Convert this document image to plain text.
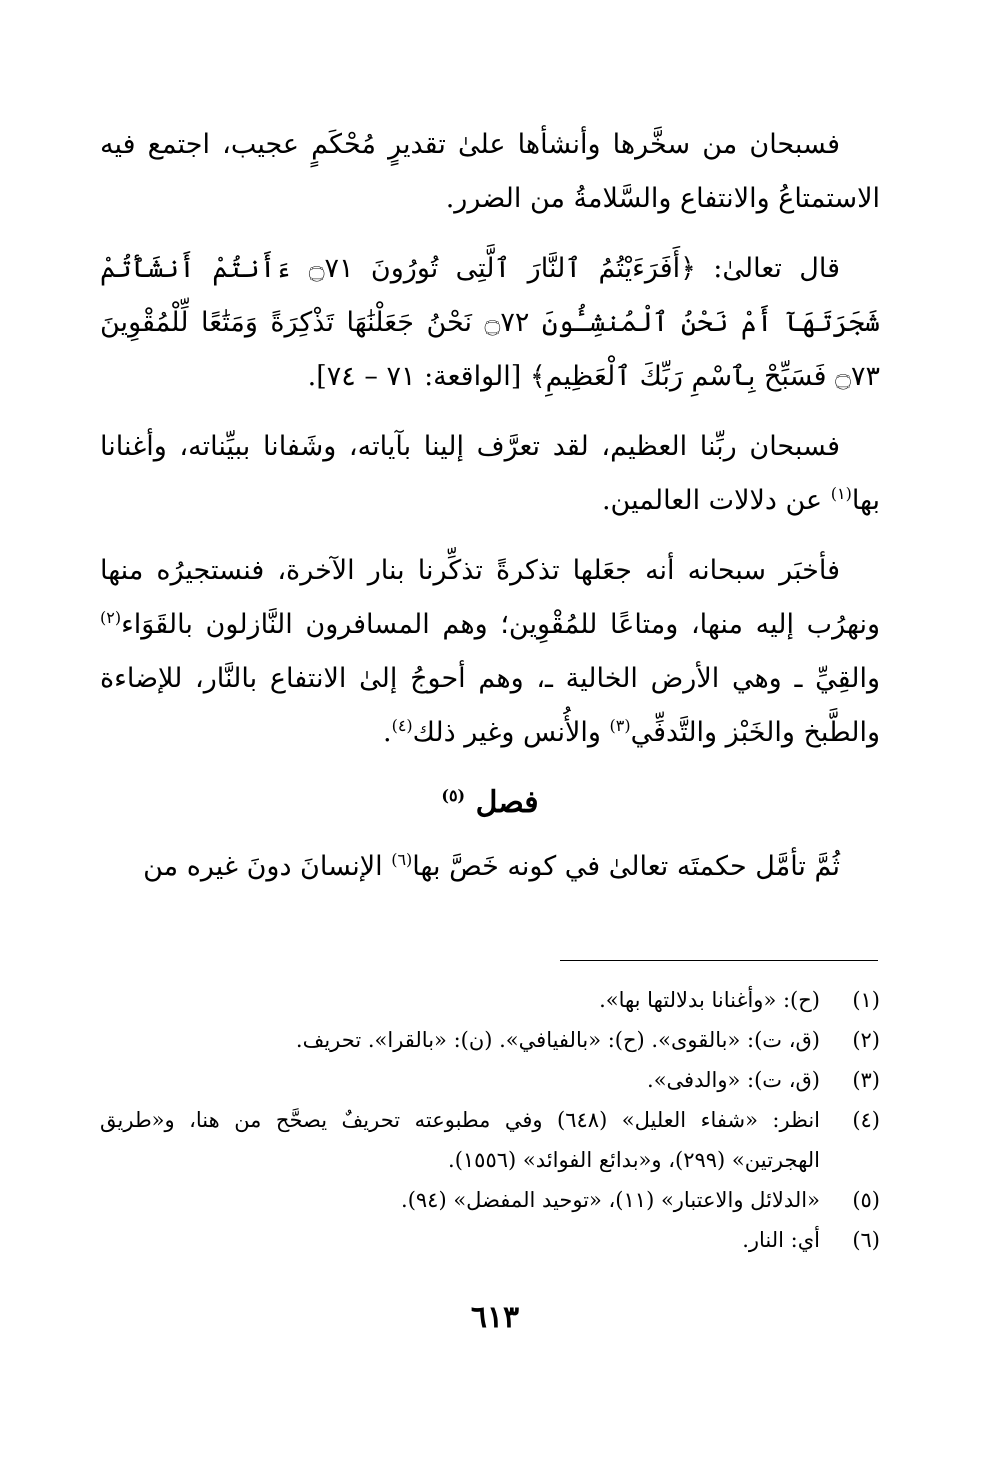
فسبحان من سخَّرها وأنشأها علىٰ تقديرٍ مُحْكَمٍ عجيب، اجتمع فيه الاستمتاعُ والانتفاع والسَّلامةُ من الضرر.

قال تعالىٰ: ﴿أَفَرَءَيْتُمُ ٱلنَّارَ ٱلَّتِى تُورُونَ ۝٧١ ءَأَنتُمْ أَنشَأْتُمْ شَجَرَتَهَآ أَمْ نَحْنُ ٱلْمُنشِـُٔونَ ۝٧٢ نَحْنُ جَعَلْنَٰهَا تَذْكِرَةً وَمَتَٰعًا لِّلْمُقْوِينَ ۝٧٣ فَسَبِّحْ بِٱسْمِ رَبِّكَ ٱلْعَظِيمِ﴾ [الواقعة: ٧١ – ٧٤].

فسبحان ربِّنا العظيم، لقد تعرَّف إلينا بآياته، وشَفانا ببيِّناته، وأغنانا بها$^{(١)}$ عن دلالات العالمين.

فأخبَر سبحانه أنه جعَلها تذكرةً تذكِّرنا بنار الآخرة، فنستجيرُه منها ونهرُب إليه منها، ومتاعًا للمُقْوِين؛ وهم المسافرون النَّازلون بالقَوَاء$^{(٢)}$ والقِيِّ ـ وهي الأرض الخالية ـ، وهم أحوجُ إلىٰ الانتفاع بالنَّار، للإضاءة والطَّبخ والخَبْز والتَّدفِّي$^{(٣)}$ والأُنس وغير ذلك$^{(٤)}$.

فصل $^{(٥)}$

ثُمَّ تأمَّل حكمتَه تعالىٰ في كونه خَصَّ بها$^{(٦)}$ الإنسانَ دونَ غيره من

(١)
(ح): «وأغنانا بدلالتها بها».
(٢)
(ق، ت): «بالقوى». (ح): «بالفيافي». (ن): «بالقرا». تحريف.
(٣)
(ق، ت): «والدفى».
(٤)
انظر: «شفاء العليل» (٦٤٨) وفي مطبوعته تحريفٌ يصحَّح من هنا، و«طريق الهجرتين» (٢٩٩)، و«بدائع الفوائد» (١٥٥٦).
(٥)
«الدلائل والاعتبار» (١١)، «توحيد المفضل» (٩٤).
(٦)
أي: النار.
٦١٣
